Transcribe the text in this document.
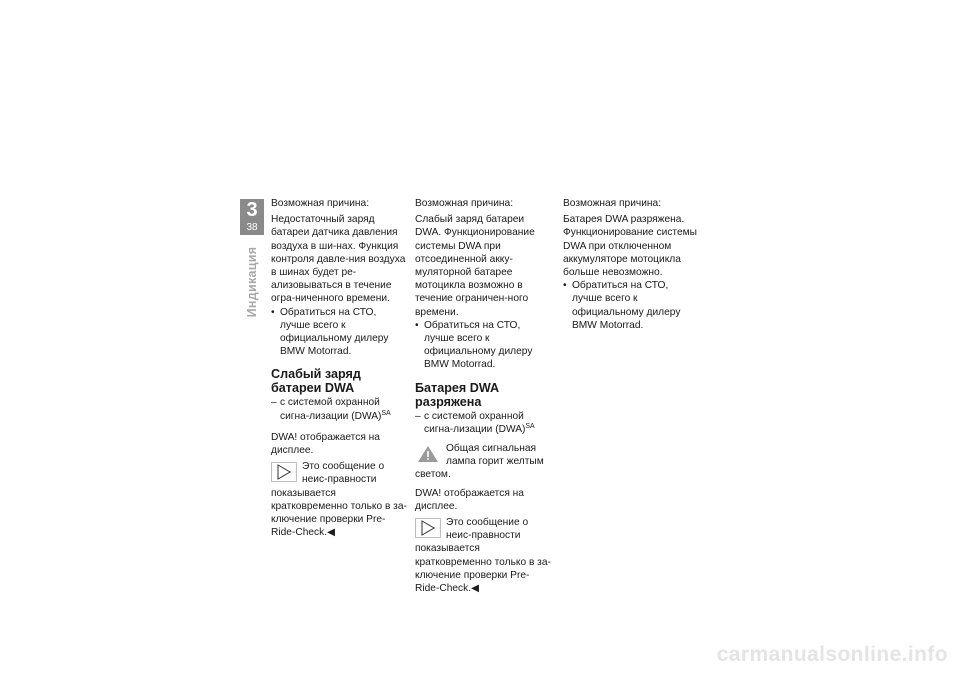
3
38
Индикация

Возможная причина:

Недостаточный заряд батареи датчика давления воздуха в ши-нах. Функция контроля давле-ния воздуха в шинах будет ре-ализовываться в течение огра-ниченного времени.

• Обратиться на СТО, лучше всего к официальному дилеру BMW Motorrad.
Слабый заряд батареи DWA
– с системой охранной сигна-лизации (DWA)$^{SA}$

DWA! отображается на дисплее.

Это сообщение о неис-правности показывается кратковременно только в за-ключение проверки Pre-Ride-Check.◀

Возможная причина:

Слабый заряд батареи DWA. Функционирование системы DWA при отсоединенной акку-муляторной батарее мотоцикла возможно в течение ограничен-ного времени.

• Обратиться на СТО, лучше всего к официальному дилеру BMW Motorrad.
Батарея DWA разряжена
– с системой охранной сигна-лизации (DWA)$^{SA}$
Общая сигнальная лампа горит желтым светом.

DWA! отображается на дисплее.

Это сообщение о неис-правности показывается кратковременно только в за-ключение проверки Pre-Ride-Check.◀

Возможная причина:

Батарея DWA разряжена. Функционирование системы DWA при отключенном аккумуляторе мотоцикла больше невозможно.

• Обратиться на СТО, лучше всего к официальному дилеру BMW Motorrad.
carmanualsonline.info
